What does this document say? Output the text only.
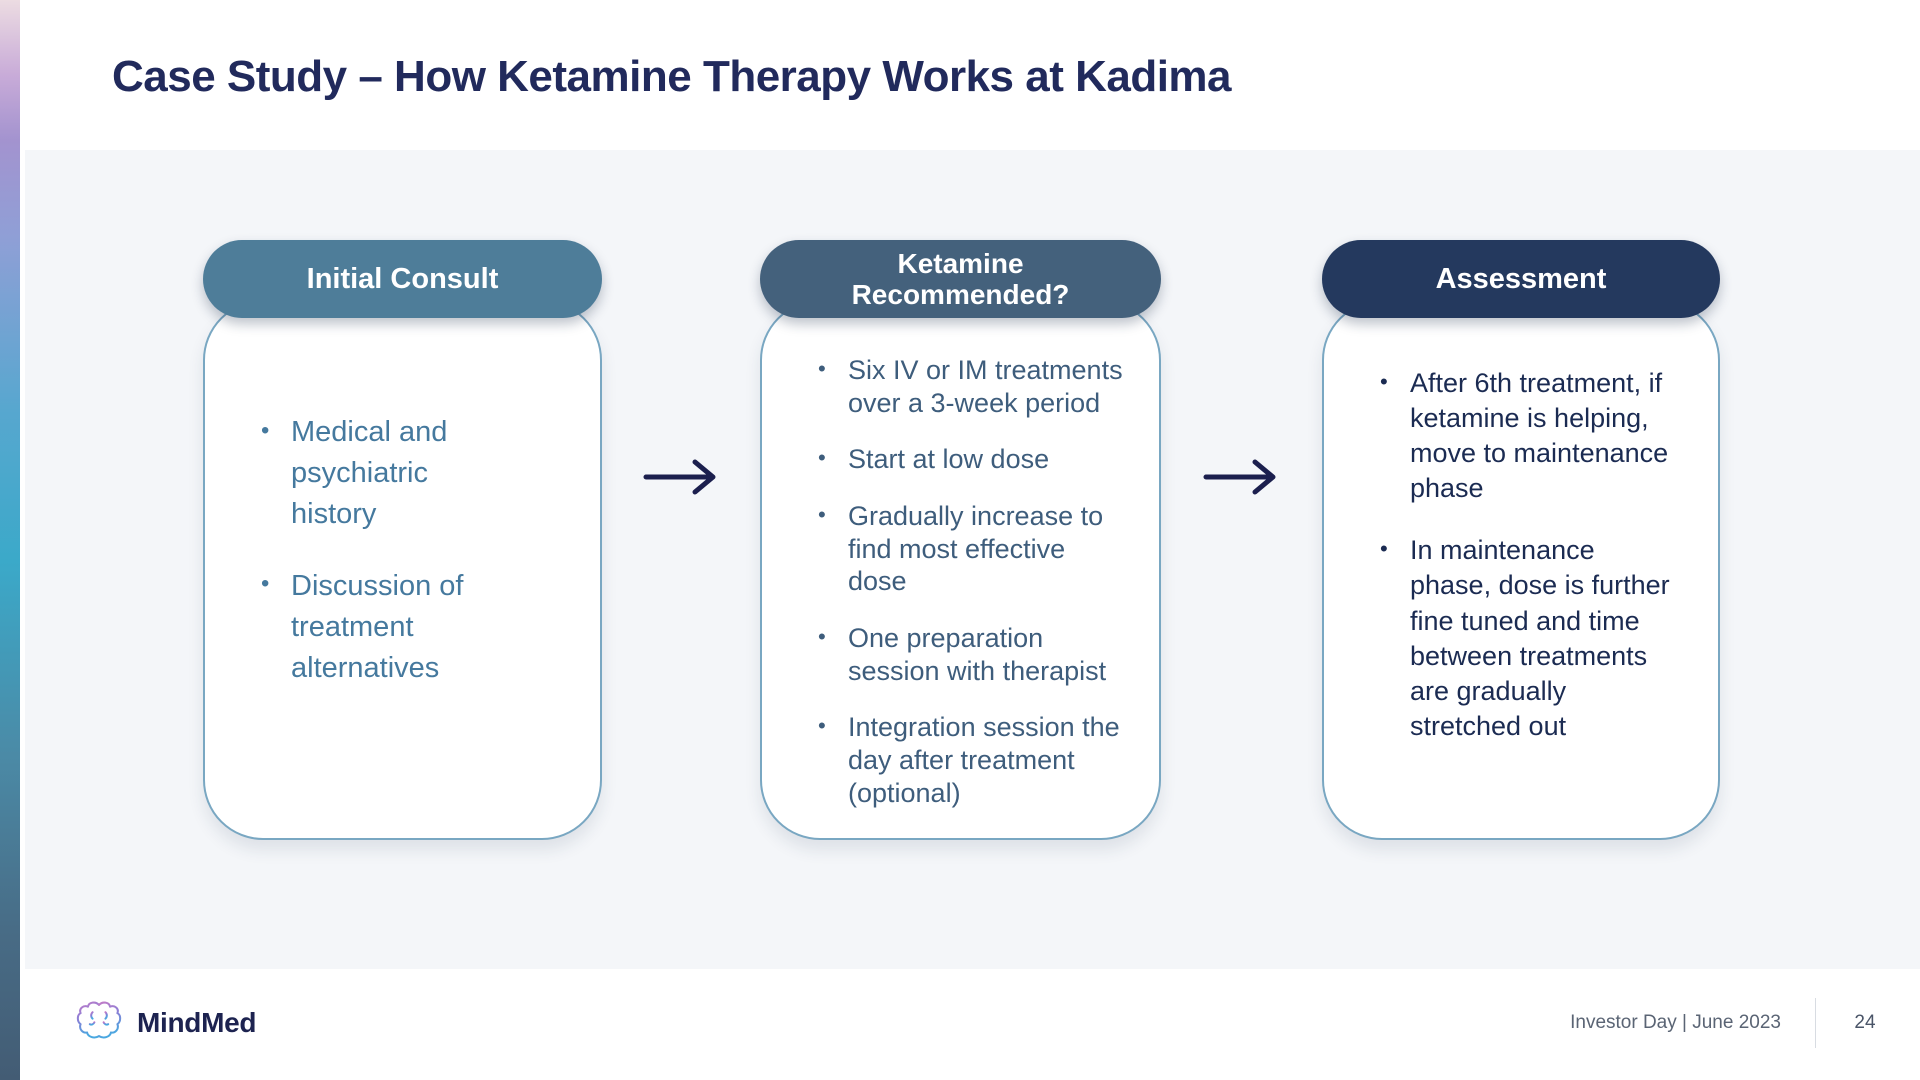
Case Study – How Ketamine Therapy Works at Kadima
Initial Consult
• Medical and psychiatric history
• Discussion of treatment alternatives
Ketamine Recommended?
• Six IV or IM treatments over a 3-week period
• Start at low dose
• Gradually increase to find most effective dose
• One preparation session with therapist
• Integration session the day after treatment (optional)
Assessment
• After 6th treatment, if ketamine is helping, move to maintenance phase
• In maintenance phase, dose is further fine tuned and time between treatments are gradually stretched out
MindMed	Investor Day | June 2023	24
